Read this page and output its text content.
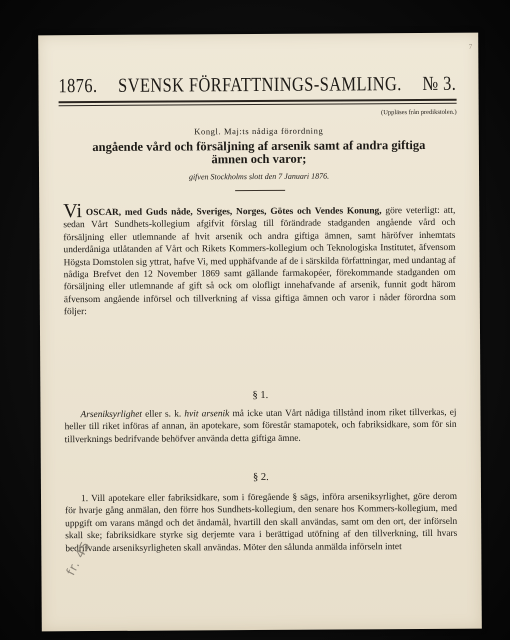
7
1876. SVENSK FÖRFATTNINGS-SAMLING. № 3.
(Uppläses från predikstolen.)
Kongl. Maj:ts nådiga förordning
angående vård och försäljning af arsenik samt af andra giftiga
ämnen och varor;
gifven Stockholms slott den 7 Januari 1876.
Vi OSCAR, med Guds nåde, Sveriges, Norges, Götes och Vendes Konung, göre veterligt: att, sedan Vårt Sundhets-kollegium afgifvit förslag till förändrade stadganden angående vård och försäljning eller utlemnande af hvit arsenik och andra giftiga ämnen, samt häröfver inhemtats underdåniga utlåtanden af Vårt och Rikets Kommers-kollegium och Teknologiska Institutet, äfvensom Högsta Domstolen sig yttrat, hafve Vi, med upphäfvande af de i särskilda författningar, med undantag af nådiga Brefvet den 12 November 1869 samt gällande farmakopéer, förekommande stadganden om försäljning eller utlemnande af gift så ock om olofligt innehafvande af arsenik, funnit godt härom äfvensom angående införsel och tillverkning af vissa giftiga ämnen och varor i nåder förordna som följer:
§ 1.
Arseniksyrlighet eller s. k. hvit arsenik må icke utan Vårt nådiga tillstånd inom riket tillverkas, ej heller till riket införas af annan, än apotekare, som förestår stamapotek, och fabriksidkare, som för sin tillverknings bedrifvande behöfver använda detta giftiga ämne.
§ 2.
1. Vill apotekare eller fabriksidkare, som i föregående § sägs, införa arseniksyrlighet, göre derom för hvarje gång anmälan, den förre hos Sundhets-kollegium, den senare hos Kommers-kollegium, med uppgift om varans mängd och det ändamål, hvartill den skall användas, samt om den ort, der införseln skall ske; fabriksidkare styrke sig derjemte vara i berättigad utöfning af den tillverkning, till hvars bedrifvande arseniksyrligheten skall användas. Möter den sålunda anmälda införseln intet
fr. 45
